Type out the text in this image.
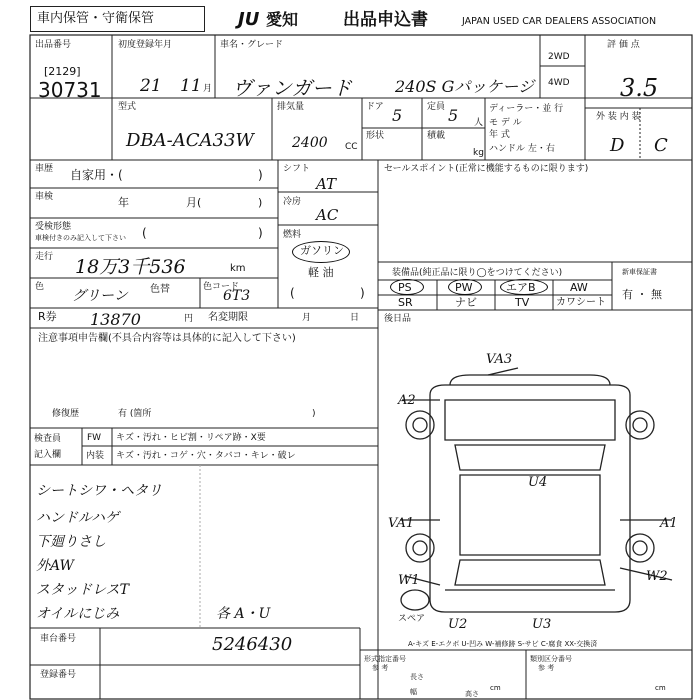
車内保管・守衛保管	JU 愛知	出品申込書	JAPAN USED CAR DEALERS ASSOCIATION
出品番号
[2129]
30731
初度登録年月
21 11 月
車名・グレード
ヴァンガード	240S Gパッケージ
2WD
4WD
評 価 点
3.5
外 装 内 装
D C
型式
DBA-ACA33W
排気量
2400 CC
ドア 5	定員 5 人
形状	積載
kg
ディーラー・並 行
モ デ ル
年 式
ハンドル 左・右
車歴 自家用・(	)
車検	年	月(	)
受検形態
車検付きのみ記入して下さい (	)
走行 18万3千536	km
色
グリーン 色替	色コード
6T3
シフト
AT
冷房
AC
燃料
ガソリン
軽 油
(	)
セールスポイント(正常に機能するものに限ります)
装備品(純正品に限り◯をつけてください)
PS	PW	エアB	AW
SR	ナビ	TV	カワシート
新車保証書
有 ・ 無
R券 13870	円 名変期限	月	日	後日品
注意事項申告欄(不具合内容等は具体的に記入して下さい)
修復歴	有 (箇所	)
検査員
記入欄
FW キズ・汚れ・ヒビ割・リペア跡・X要
内装 キズ・汚れ・コゲ・穴・タバコ・キレ・破レ
シートシワ・ヘタリ
ハンドルハゲ
下廻りさし
外AW
スタッドレスT
オイルにじみ	各 A・U
車台番号	5246430
登録番号
VA3
A2
U4
VA1	A1
W2
W1
U2	U3
スペア
A-キズ E-エクボ U-凹み W-補修跡 S-サビ C-腐食 XX-交換済
形式指定番号
参 考
長さ
cm
幅	高さ
類別区分番号
参 考
cm
